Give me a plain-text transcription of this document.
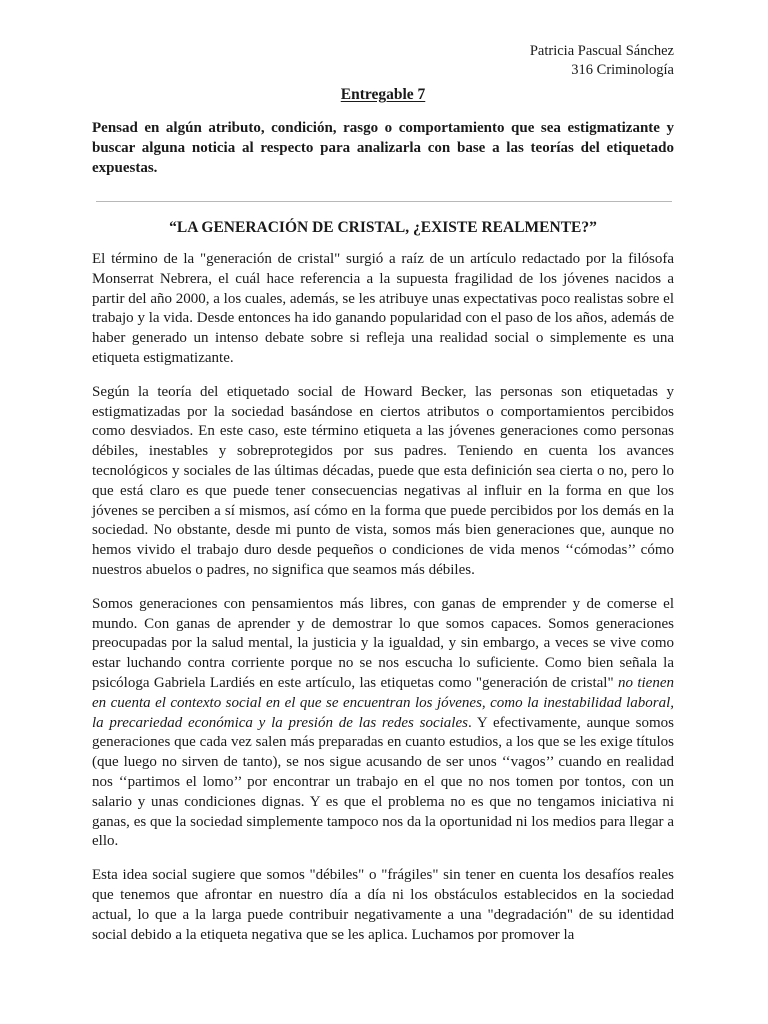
Patricia Pascual Sánchez
316 Criminología
Entregable 7
Pensad en algún atributo, condición, rasgo o comportamiento que sea estigmatizante y buscar alguna noticia al respecto para analizarla con base a las teorías del etiquetado expuestas.
“LA GENERACIÓN DE CRISTAL, ¿EXISTE REALMENTE?”

El término de la "generación de cristal" surgió a raíz de un artículo redactado por la filósofa Monserrat Nebrera, el cuál hace referencia a la supuesta fragilidad de los jóvenes nacidos a partir del año 2000, a los cuales, además, se les atribuye unas expectativas poco realistas sobre el trabajo y la vida. Desde entonces ha ido ganando popularidad con el paso de los años, además de haber generado un intenso debate sobre si refleja una realidad social o simplemente es una etiqueta estigmatizante.

Según la teoría del etiquetado social de Howard Becker, las personas son etiquetadas y estigmatizadas por la sociedad basándose en ciertos atributos o comportamientos percibidos como desviados. En este caso, este término etiqueta a las jóvenes generaciones como personas débiles, inestables y sobreprotegidos por sus padres. Teniendo en cuenta los avances tecnológicos y sociales de las últimas décadas, puede que esta definición sea cierta o no, pero lo que está claro es que puede tener consecuencias negativas al influir en la forma en que los jóvenes se perciben a sí mismos, así cómo en la forma que puede percibidos por los demás en la sociedad. No obstante, desde mi punto de vista, somos más bien generaciones que, aunque no hemos vivido el trabajo duro desde pequeños o condiciones de vida menos ‘‘cómodas’’ cómo nuestros abuelos o padres, no significa que seamos más débiles.

Somos generaciones con pensamientos más libres, con ganas de emprender y de comerse el mundo. Con ganas de aprender y de demostrar lo que somos capaces. Somos generaciones preocupadas por la salud mental, la justicia y la igualdad, y sin embargo, a veces se vive como estar luchando contra corriente porque no se nos escucha lo suficiente. Como bien señala la psicóloga Gabriela Lardiés en este artículo, las etiquetas como "generación de cristal" no tienen en cuenta el contexto social en el que se encuentran los jóvenes, como la inestabilidad laboral, la precariedad económica y la presión de las redes sociales. Y efectivamente, aunque somos generaciones que cada vez salen más preparadas en cuanto estudios, a los que se les exige títulos (que luego no sirven de tanto), se nos sigue acusando de ser unos ‘‘vagos’’ cuando en realidad nos ‘‘partimos el lomo’’ por encontrar un trabajo en el que no nos tomen por tontos, con un salario y unas condiciones dignas. Y es que el problema no es que no tengamos iniciativa ni ganas, es que la sociedad simplemente tampoco nos da la oportunidad ni los medios para llegar a ello.

Esta idea social sugiere que somos "débiles" o "frágiles" sin tener en cuenta los desafíos reales que tenemos que afrontar en nuestro día a día ni los obstáculos establecidos en la sociedad actual, lo que a la larga puede contribuir negativamente a una "degradación" de su identidad social debido a la etiqueta negativa que se les aplica. Luchamos por promover la
